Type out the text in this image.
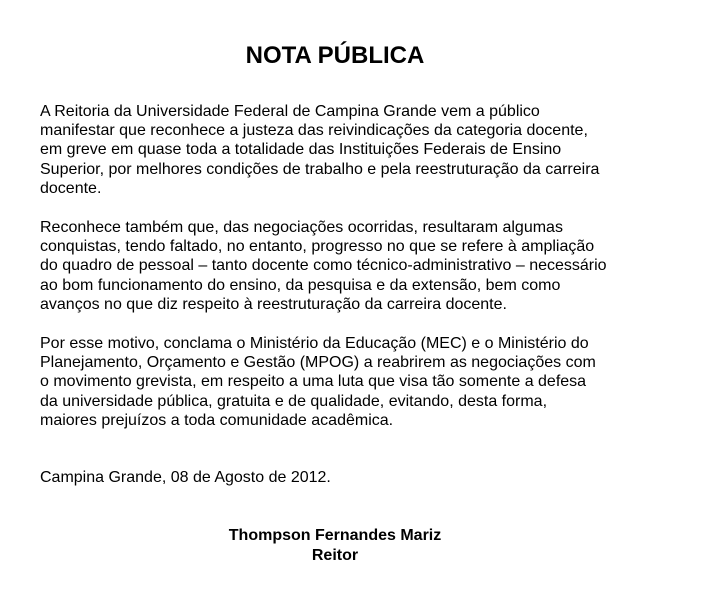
NOTA PÚBLICA

A Reitoria da Universidade Federal de Campina Grande vem a público
manifestar que reconhece a justeza das reivindicações da categoria docente,
em greve em quase toda a totalidade das Instituições Federais de Ensino
Superior, por melhores condições de trabalho e pela reestruturação da carreira
docente.

Reconhece também que, das negociações ocorridas, resultaram algumas
conquistas, tendo faltado, no entanto, progresso no que se refere à ampliação
do quadro de pessoal – tanto docente como técnico-administrativo – necessário
ao bom funcionamento do ensino, da pesquisa e da extensão, bem como
avanços no que diz respeito à reestruturação da carreira docente.

Por esse motivo, conclama o Ministério da Educação (MEC) e o Ministério do
Planejamento, Orçamento e Gestão (MPOG) a reabrirem as negociações com
o movimento grevista, em respeito a uma luta que visa tão somente a defesa
da universidade pública, gratuita e de qualidade, evitando, desta forma,
maiores prejuízos a toda comunidade acadêmica.

Campina Grande, 08 de Agosto de 2012.

Thompson Fernandes Mariz
Reitor
